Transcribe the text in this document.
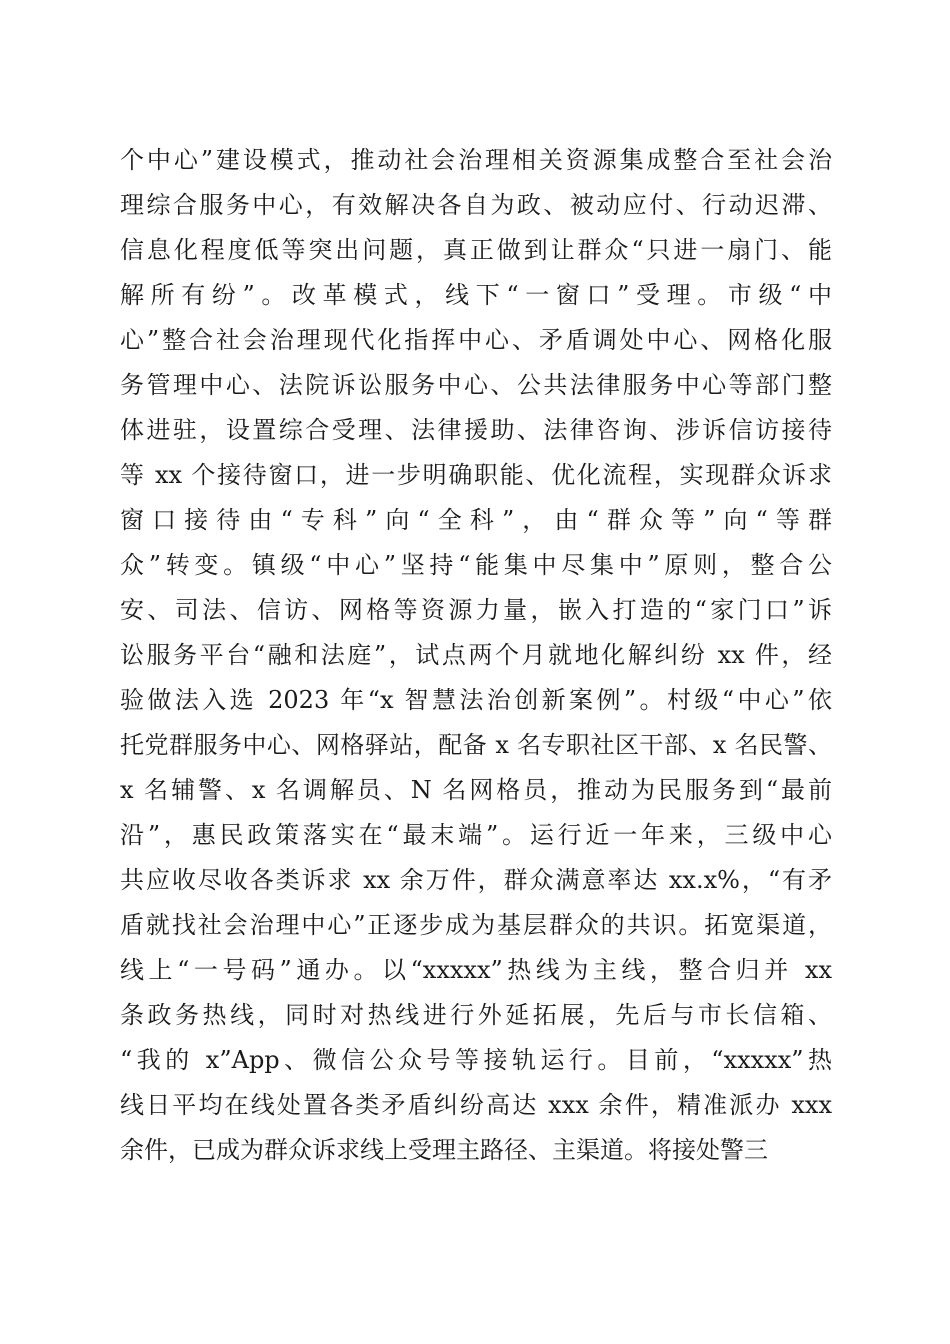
个中心”建设模式，推动社会治理相关资源集成整合至社会治
理综合服务中心，有效解决各自为政、被动应付、行动迟滞、
信息化程度低等突出问题，真正做到让群众“只进一扇门、能
解所有纷”。改革模式，线下“一窗口”受理。市级“中
心”整合社会治理现代化指挥中心、矛盾调处中心、网格化服
务管理中心、法院诉讼服务中心、公共法律服务中心等部门整
体进驻，设置综合受理、法律援助、法律咨询、涉诉信访接待
等 xx 个接待窗口，进一步明确职能、优化流程，实现群众诉求
窗口接待由“专科”向“全科”，由“群众等”向“等群
众”转变。镇级“中心”坚持“能集中尽集中”原则，整合公
安、司法、信访、网格等资源力量，嵌入打造的“家门口”诉
讼服务平台“融和法庭”，试点两个月就地化解纠纷 xx 件，经
验做法入选 2023 年“x 智慧法治创新案例”。村级“中心”依
托党群服务中心、网格驿站，配备 x 名专职社区干部、x 名民警、
x 名辅警、x 名调解员、N 名网格员，推动为民服务到“最前
沿”，惠民政策落实在“最末端”。运行近一年来，三级中心
共应收尽收各类诉求 xx 余万件，群众满意率达 xx.x%，“有矛
盾就找社会治理中心”正逐步成为基层群众的共识。拓宽渠道，
线上“一号码”通办。以“xxxxx”热线为主线，整合归并 xx
条政务热线，同时对热线进行外延拓展，先后与市长信箱、
“我的 x”App、微信公众号等接轨运行。目前，“xxxxx”热
线日平均在线处置各类矛盾纠纷高达 xxx 余件，精准派办 xxx
余件，已成为群众诉求线上受理主路径、主渠道。将接处警三
